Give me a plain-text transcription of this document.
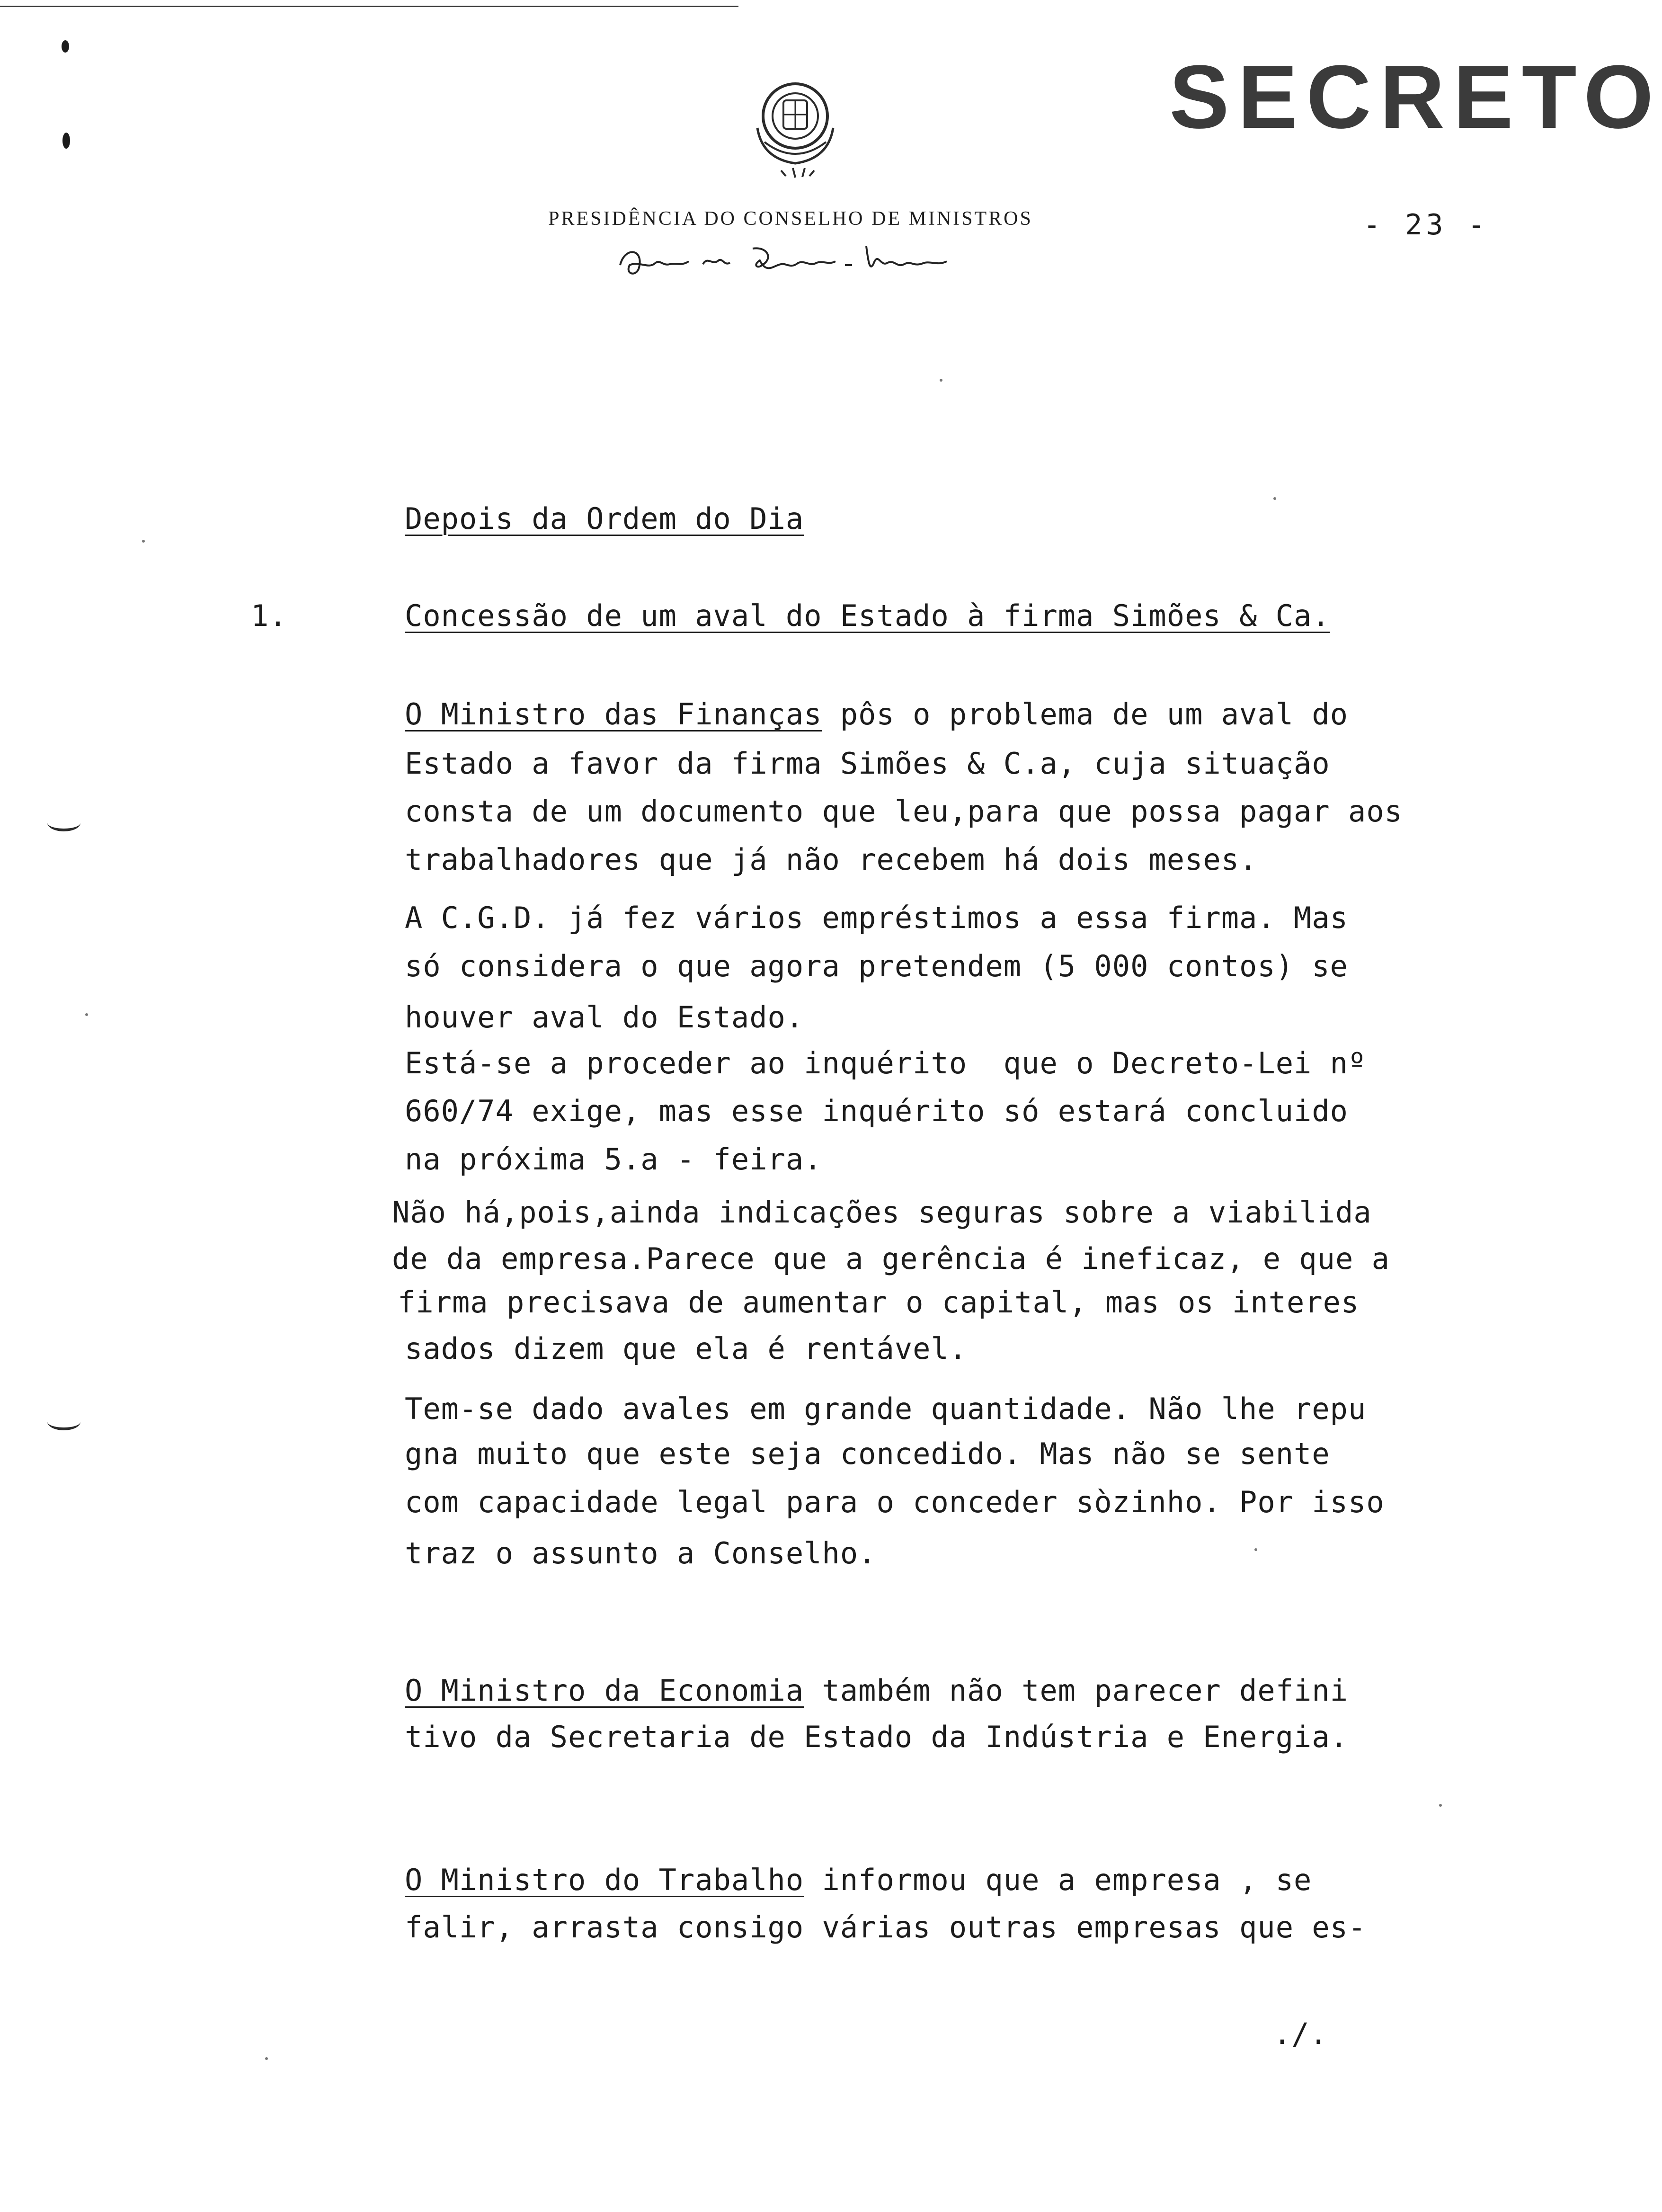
SECRETO
PRESIDÊNCIA DO CONSELHO DE MINISTROS	- 23 -
Depois da Ordem do Dia
1.	Concessão de um aval do Estado à firma Simões & Ca.
O Ministro das Finanças pôs o problema de um aval do
Estado a favor da firma Simões & C.a, cuja situação
consta de um documento que leu,para que possa pagar aos
trabalhadores que já não recebem há dois meses.
A C.G.D. já fez vários empréstimos a essa firma. Mas
só considera o que agora pretendem (5 000 contos) se
houver aval do Estado.
Está-se a proceder ao inquérito  que o Decreto-Lei nº
660/74 exige, mas esse inquérito só estará concluido
na próxima 5.a - feira.
Não há,pois,ainda indicações seguras sobre a viabilida
de da empresa.Parece que a gerência é ineficaz, e que a
firma precisava de aumentar o capital, mas os interes
sados dizem que ela é rentável.
Tem-se dado avales em grande quantidade. Não lhe repu
gna muito que este seja concedido. Mas não se sente
com capacidade legal para o conceder sòzinho. Por isso
traz o assunto a Conselho.
O Ministro da Economia também não tem parecer defini
tivo da Secretaria de Estado da Indústria e Energia.
O Ministro do Trabalho informou que a empresa , se
falir, arrasta consigo várias outras empresas que es-
./.
